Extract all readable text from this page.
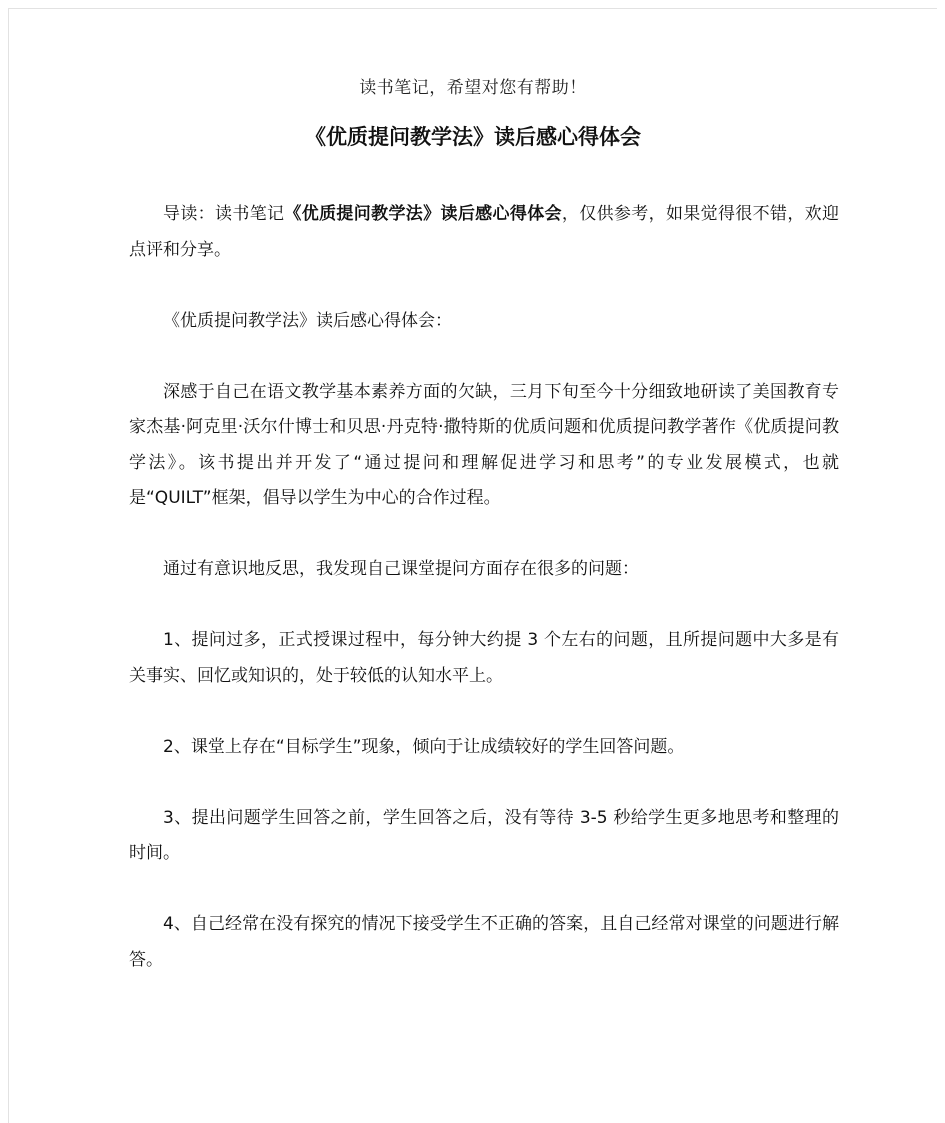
读书笔记，希望对您有帮助！
《优质提问教学法》读后感心得体会

导读：读书笔记《优质提问教学法》读后感心得体会，仅供参考，如果觉得很不错，欢迎点评和分享。

《优质提问教学法》读后感心得体会：

深感于自己在语文教学基本素养方面的欠缺，三月下旬至今十分细致地研读了美国教育专家杰基·阿克里·沃尔什博士和贝思·丹克特·撒特斯的优质问题和优质提问教学著作《优质提问教学法》。该书提出并开发了“通过提问和理解促进学习和思考”的专业发展模式，也就是“QUILT”框架，倡导以学生为中心的合作过程。

通过有意识地反思，我发现自己课堂提问方面存在很多的问题：

1、提问过多，正式授课过程中，每分钟大约提 3 个左右的问题，且所提问题中大多是有关事实、回忆或知识的，处于较低的认知水平上。

2、课堂上存在“目标学生”现象，倾向于让成绩较好的学生回答问题。

3、提出问题学生回答之前，学生回答之后，没有等待 3-5 秒给学生更多地思考和整理的时间。

4、自己经常在没有探究的情况下接受学生不正确的答案，且自己经常对课堂的问题进行解答。
